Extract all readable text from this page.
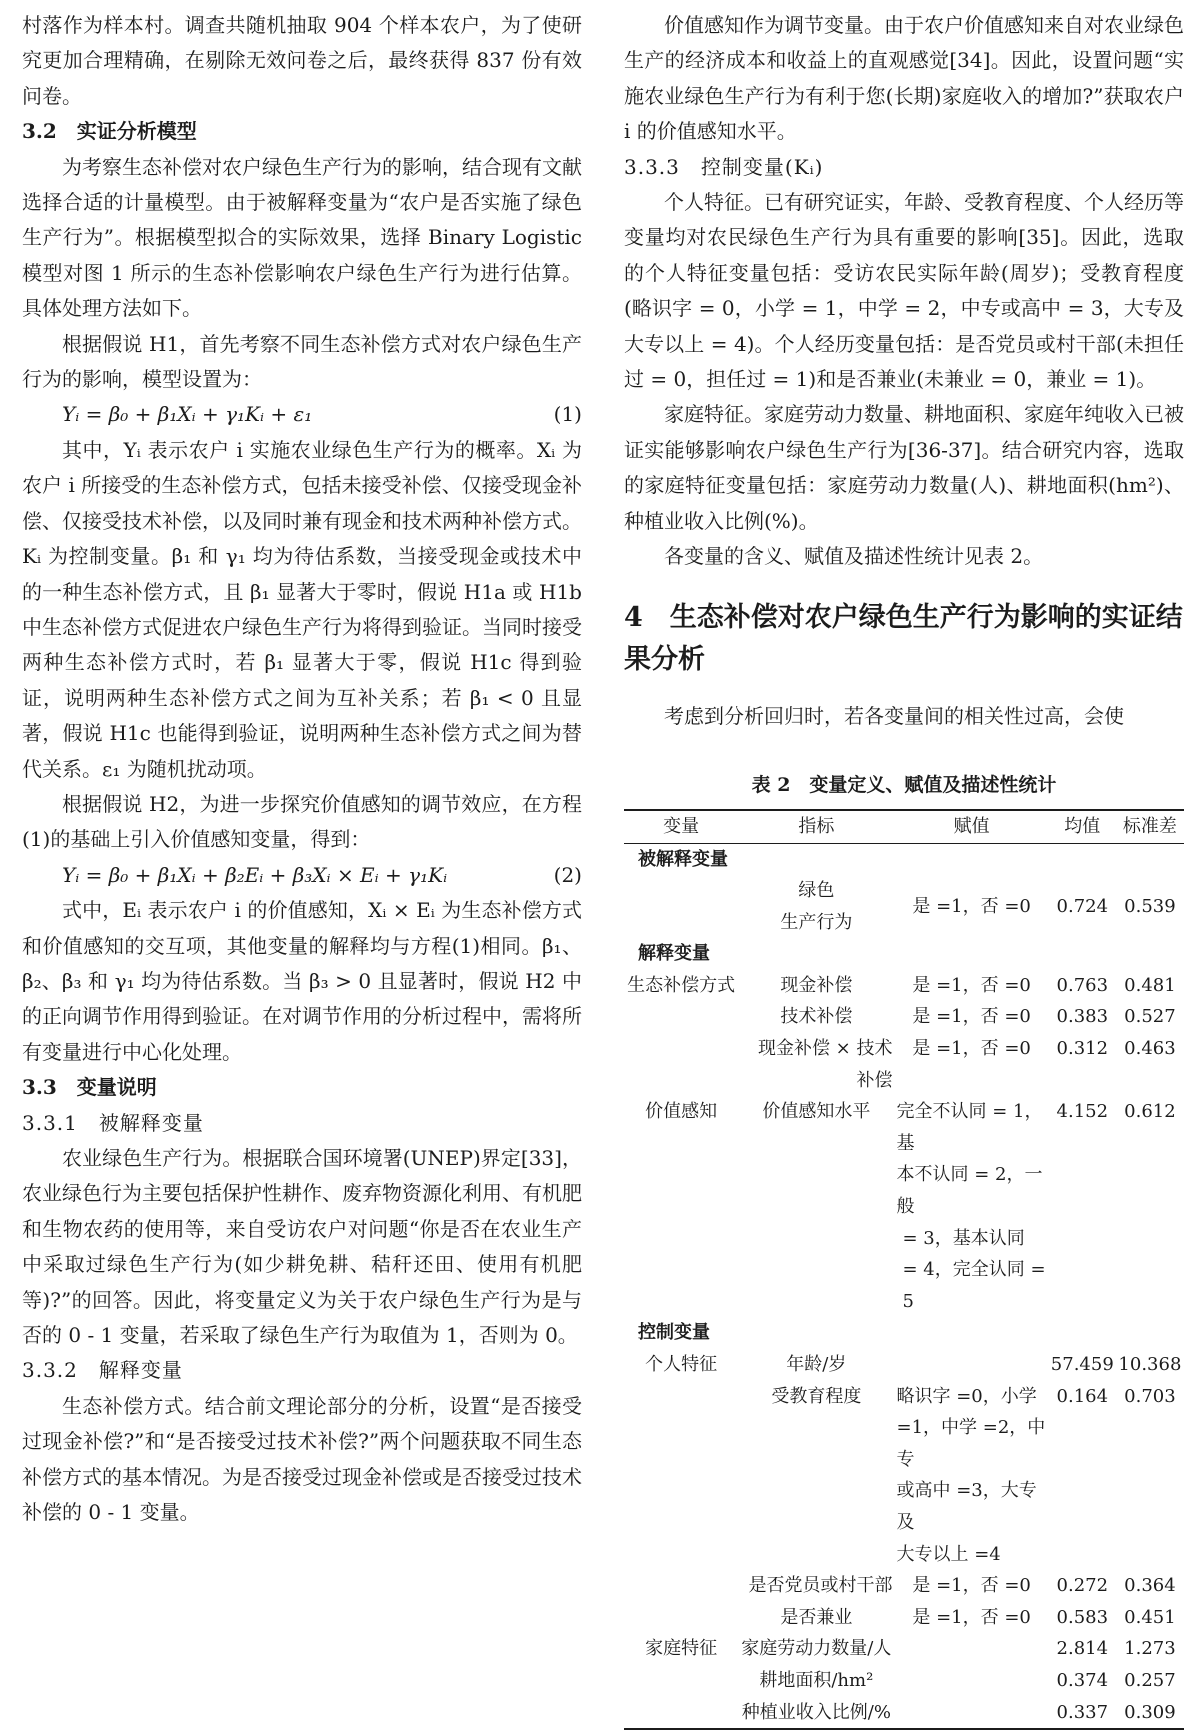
村落作为样本村。调查共随机抽取 904 个样本农户，为了使研究更加合理精确，在剔除无效问卷之后，最终获得 837 份有效问卷。

3.2　实证分析模型

为考察生态补偿对农户绿色生产行为的影响，结合现有文献选择合适的计量模型。由于被解释变量为“农户是否实施了绿色生产行为”。根据模型拟合的实际效果，选择 Binary Logistic 模型对图 1 所示的生态补偿影响农户绿色生产行为进行估算。具体处理方法如下。

根据假说 H1，首先考察不同生态补偿方式对农户绿色生产行为的影响，模型设置为：

Yᵢ = β₀ + β₁Xᵢ + γ₁Kᵢ + ε₁	(1)

其中，Yᵢ 表示农户 i 实施农业绿色生产行为的概率。Xᵢ 为农户 i 所接受的生态补偿方式，包括未接受补偿、仅接受现金补偿、仅接受技术补偿，以及同时兼有现金和技术两种补偿方式。Kᵢ 为控制变量。β₁ 和 γ₁ 均为待估系数，当接受现金或技术中的一种生态补偿方式，且 β₁ 显著大于零时，假说 H1a 或 H1b 中生态补偿方式促进农户绿色生产行为将得到验证。当同时接受两种生态补偿方式时，若 β₁ 显著大于零，假说 H1c 得到验证，说明两种生态补偿方式之间为互补关系；若 β₁ < 0 且显著，假说 H1c 也能得到验证，说明两种生态补偿方式之间为替代关系。ε₁ 为随机扰动项。

根据假说 H2，为进一步探究价值感知的调节效应，在方程(1)的基础上引入价值感知变量，得到：

Yᵢ = β₀ + β₁Xᵢ + β₂Eᵢ + β₃Xᵢ × Eᵢ + γ₁Kᵢ	(2)

式中，Eᵢ 表示农户 i 的价值感知，Xᵢ × Eᵢ 为生态补偿方式和价值感知的交互项，其他变量的解释均与方程(1)相同。β₁、β₂、β₃ 和 γ₁ 均为待估系数。当 β₃ > 0 且显著时，假说 H2 中的正向调节作用得到验证。在对调节作用的分析过程中，需将所有变量进行中心化处理。

3.3　变量说明

3.3.1　被解释变量

农业绿色生产行为。根据联合国环境署(UNEP)界定[33]，农业绿色行为主要包括保护性耕作、废弃物资源化利用、有机肥和生物农药的使用等，来自受访农户对问题“你是否在农业生产中采取过绿色生产行为(如少耕免耕、秸秆还田、使用有机肥等)?”的回答。因此，将变量定义为关于农户绿色生产行为是与否的 0 - 1 变量，若采取了绿色生产行为取值为 1，否则为 0。

3.3.2　解释变量

生态补偿方式。结合前文理论部分的分析，设置“是否接受过现金补偿?”和“是否接受过技术补偿?”两个问题获取不同生态补偿方式的基本情况。为是否接受过现金补偿或是否接受过技术补偿的 0 - 1 变量。

价值感知作为调节变量。由于农户价值感知来自对农业绿色生产的经济成本和收益上的直观感觉[34]。因此，设置问题“实施农业绿色生产行为有利于您(长期)家庭收入的增加?”获取农户 i 的价值感知水平。

3.3.3　控制变量(Kᵢ)

个人特征。已有研究证实，年龄、受教育程度、个人经历等变量均对农民绿色生产行为具有重要的影响[35]。因此，选取的个人特征变量包括：受访农民实际年龄(周岁)；受教育程度(略识字 = 0，小学 = 1，中学 = 2，中专或高中 = 3，大专及大专以上 = 4)。个人经历变量包括：是否党员或村干部(未担任过 = 0，担任过 = 1)和是否兼业(未兼业 = 0，兼业 = 1)。

家庭特征。家庭劳动力数量、耕地面积、家庭年纯收入已被证实能够影响农户绿色生产行为[36-37]。结合研究内容，选取的家庭特征变量包括：家庭劳动力数量(人)、耕地面积(hm²)、种植业收入比例(%)。

各变量的含义、赋值及描述性统计见表 2。

4　生态补偿对农户绿色生产行为影响的实证结果分析

考虑到分析回归时，若各变量间的相关性过高，会使

表 2　变量定义、赋值及描述性统计
变量	指标	赋值	均值	标准差
被解释变量				

	绿色
生产行为	是 =1，否 =0	0.724	0.539
解释变量				
生态补偿方式	现金补偿	是 =1，否 =0	0.763	0.481
	技术补偿	是 =1，否 =0	0.383	0.527
	现金补偿 × 技术补偿	是 =1，否 =0	0.312	0.463
价值感知	价值感知水平	完全不认同 = 1，基
本不认同 = 2，一般
= 3，基本认同
= 4，完全认同 = 5	4.152	0.612
控制变量				
个人特征	年龄/岁		57.459	10.368
	受教育程度	略识字 =0，小学
=1，中学 =2，中专
或高中 =3，大专及
大专以上 =4	0.164	0.703
	是否党员或村干部	是 =1，否 =0	0.272	0.364
	是否兼业	是 =1，否 =0	0.583	0.451
家庭特征	家庭劳动力数量/人		2.814	1.273
	耕地面积/hm²		0.374	0.257
	种植业收入比例/%		0.337	0.309
